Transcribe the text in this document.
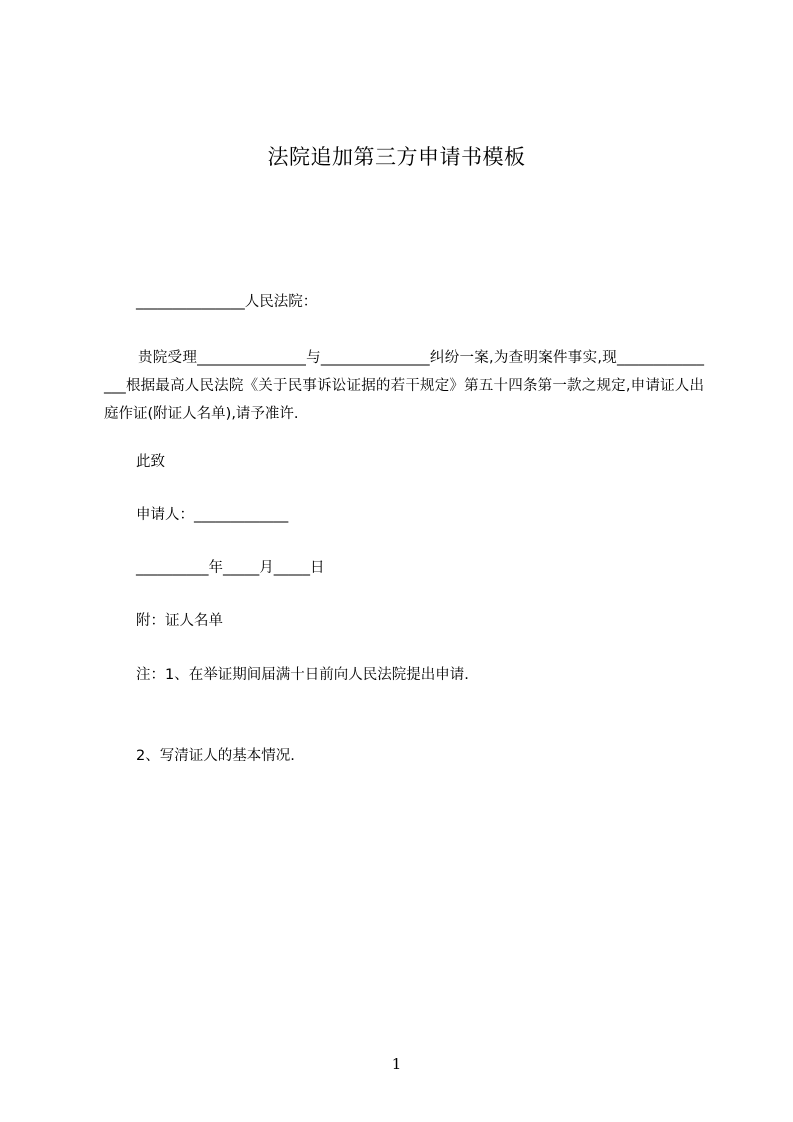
法院追加第三方申请书模板
_______________人民法院：
贵院受理_______________与_______________纠纷一案,为查明案件事实,现_______________根据最高人民法院《关于民事诉讼证据的若干规定》第五十四条第一款之规定,申请证人出庭作证(附证人名单),请予准许.
此致
申请人：_____________
__________年_____月_____日
附：证人名单
注：1、在举证期间届满十日前向人民法院提出申请.
2、写清证人的基本情况.
1
